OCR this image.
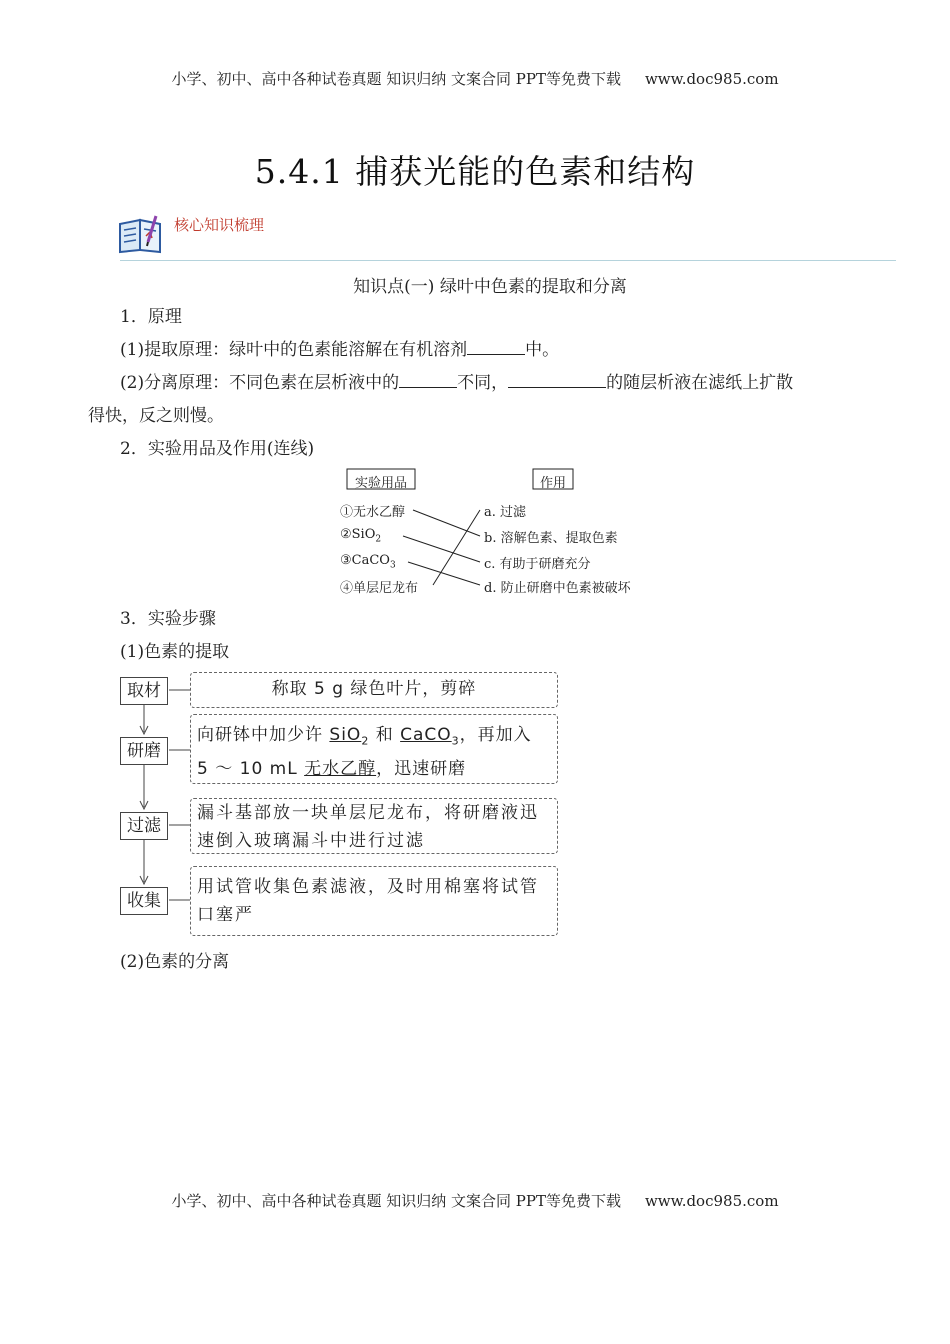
小学、初中、高中各种试卷真题 知识归纳 文案合同 PPT等免费下载 www.doc985.com
5.4.1 捕获光能的色素和结构
核心知识梳理
知识点(一) 绿叶中色素的提取和分离
1．原理
(1)提取原理：绿叶中的色素能溶解在有机溶剂	中。
(2)分离原理：不同色素在层析液中的	不同，	的随层析液在滤纸上扩散
得快，反之则慢。
2．实验用品及作用(连线)
实验用品	作用
①无水乙醇
②SiO$_2$
③CaCO$_3$
④单层尼龙布
a. 过滤
b. 溶解色素、提取色素
c. 有助于研磨充分
d. 防止研磨中色素被破坏
3．实验步骤
(1)色素的提取
取材	称取 5 g 绿色叶片，剪碎
研磨
向研钵中加少许 SiO$_2$ 和 CaCO$_3$，再加入
5 ～ 10 mL 无水乙醇，迅速研磨
过滤
漏斗基部放一块单层尼龙布，将研磨液迅
速倒入玻璃漏斗中进行过滤
收集
用试管收集色素滤液，及时用棉塞将试管
口塞严
(2)色素的分离
小学、初中、高中各种试卷真题 知识归纳 文案合同 PPT等免费下载 www.doc985.com
